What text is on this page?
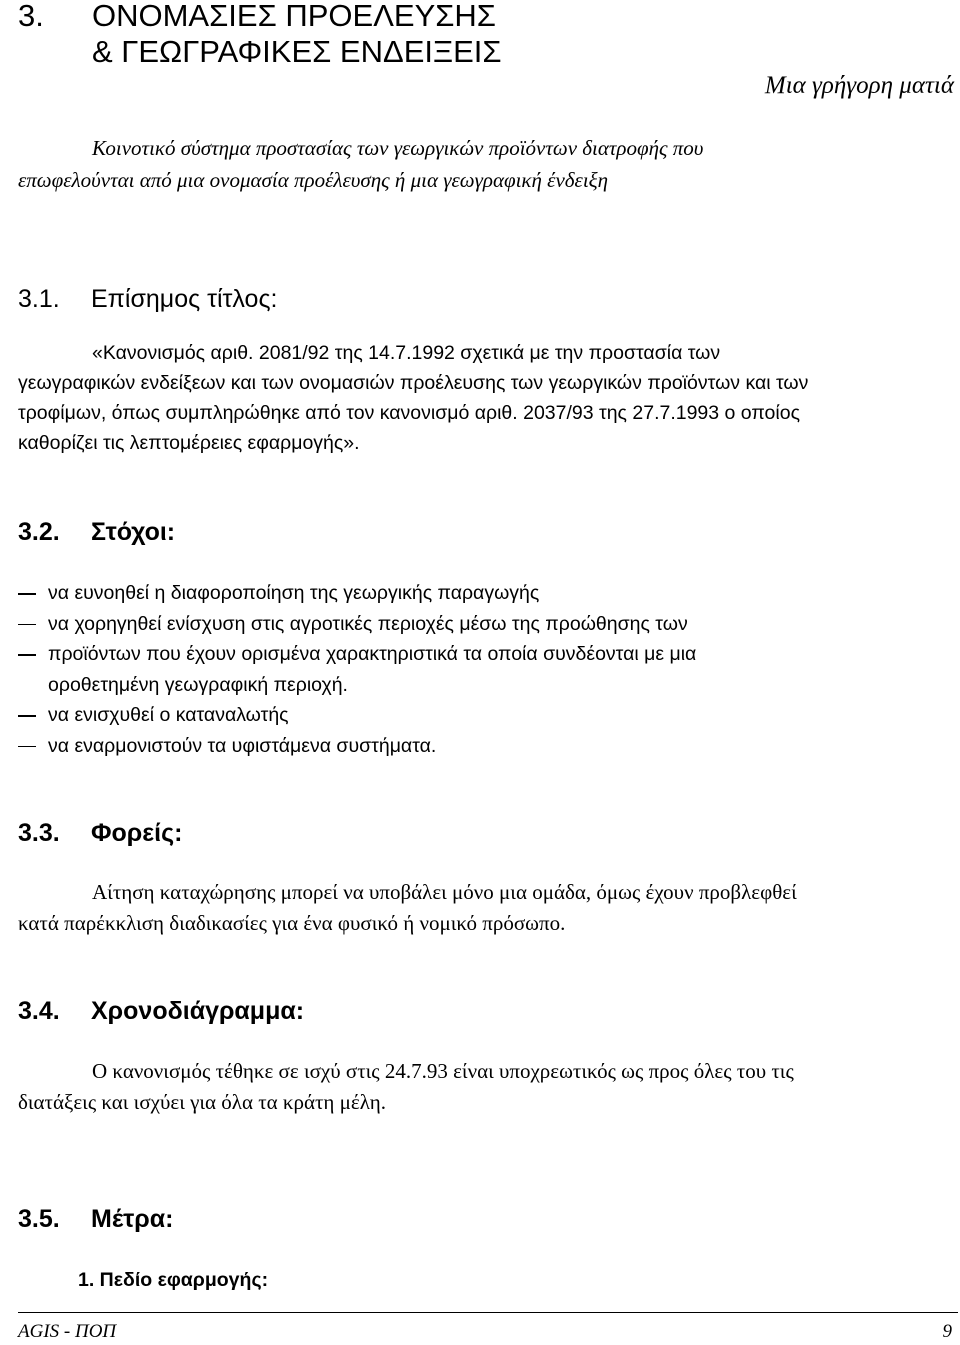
3. ΟΝΟΜΑΣΙΕΣ ΠΡΟΕΛΕΥΣΗΣ
& ΓΕΩΓΡΑΦΙΚΕΣ ΕΝΔΕΙΞΕΙΣ
Μια γρήγορη ματιά
Κοινοτικό σύστημα προστασίας των γεωργικών προϊόντων διατροφής που
επωφελούνται από μια ονομασία προέλευσης ή μια γεωγραφική ένδειξη
3.1. Επίσημος τίτλος:
«Κανονισμός αριθ. 2081/92 της 14.7.1992 σχετικά με την προστασία των
γεωγραφικών ενδείξεων και των ονομασιών προέλευσης των γεωργικών προϊόντων και των
τροφίμων, όπως συμπληρώθηκε από τον κανονισμό αριθ. 2037/93 της 27.7.1993 ο οποίος
καθορίζει τις λεπτομέρειες εφαρμογής».
3.2. Στόχοι:
να ευνοηθεί η διαφοροποίηση της γεωργικής παραγωγής
να χορηγηθεί ενίσχυση στις αγροτικές περιοχές μέσω της προώθησης των
προϊόντων που έχουν ορισμένα χαρακτηριστικά τα οποία συνδέονται με μια
οροθετημένη γεωγραφική περιοχή.
να ενισχυθεί ο καταναλωτής
να εναρμονιστούν τα υφιστάμενα συστήματα.
3.3. Φορείς:
Αίτηση καταχώρησης μπορεί να υποβάλει μόνο μια ομάδα, όμως έχουν προβλεφθεί
κατά παρέκκλιση διαδικασίες για ένα φυσικό ή νομικό πρόσωπο.
3.4. Χρονοδιάγραμμα:
Ο κανονισμός τέθηκε σε ισχύ στις 24.7.93 είναι υποχρεωτικός ως προς όλες του τις
διατάξεις και ισχύει για όλα τα κράτη μέλη.
3.5. Μέτρα:
1. Πεδίο εφαρμογής:
AGIS - ΠΟΠ	9
